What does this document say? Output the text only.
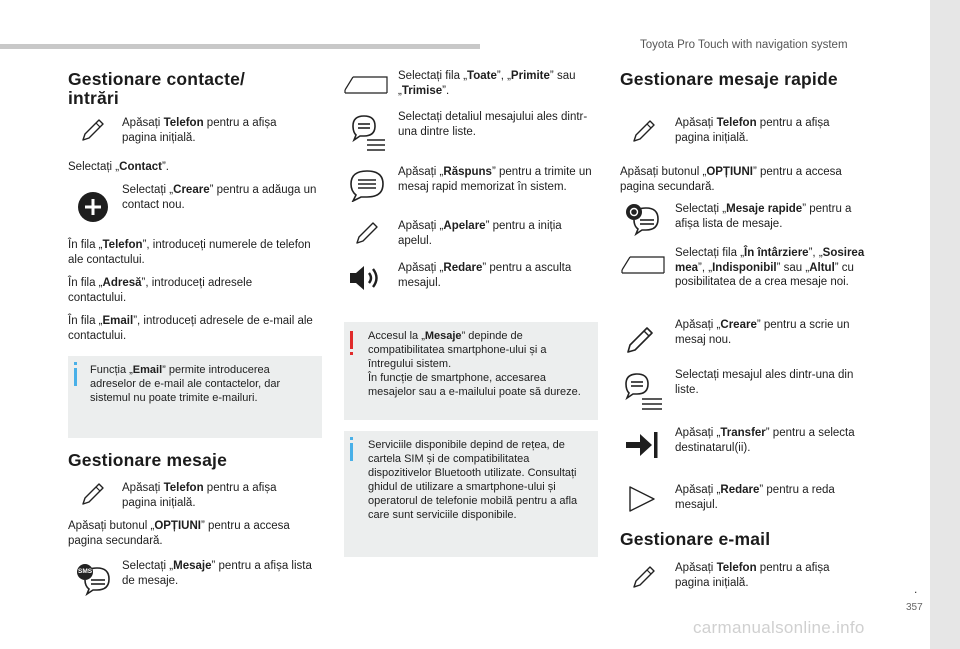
Toyota Pro Touch with navigation system
.
357
carmanualsonline.info
Gestionare contacte/ intrări
Apăsați Telefon pentru a afișa pagina inițială.
Selectați „Contact”.
Selectați „Creare” pentru a adăuga un contact nou.
În fila „Telefon”, introduceți numerele de telefon ale contactului.
În fila „Adresă”, introduceți adresele contactului.
În fila „Email”, introduceți adresele de e-mail ale contactului.
Funcția „Email” permite introducerea adreselor de e-mail ale contactelor, dar sistemul nu poate trimite e-mailuri.
Gestionare mesaje
Apăsați Telefon pentru a afișa pagina inițială.
Apăsați butonul „OPȚIUNI” pentru a accesa pagina secundară.
SMS	Selectați „Mesaje” pentru a afișa lista de mesaje.
Selectați fila „Toate”, „Primite” sau „Trimise”.
Selectați detaliul mesajului ales dintr-una dintre liste.
Apăsați „Răspuns” pentru a trimite un mesaj rapid memorizat în sistem.
Apăsați „Apelare” pentru a iniția apelul.
Apăsați „Redare” pentru a asculta mesajul.
Accesul la „Mesaje” depinde de compatibilitatea smartphone-ului și a întregului sistem.
În funcție de smartphone, accesarea mesajelor sau a e-mailului poate să dureze.
Serviciile disponibile depind de rețea, de cartela SIM și de compatibilitatea dispozitivelor Bluetooth utilizate. Consultați ghidul de utilizare a smartphone-ului și operatorul de telefonie mobilă pentru a afla care sunt serviciile disponibile.
Gestionare mesaje rapide
Apăsați Telefon pentru a afișa pagina inițială.
Apăsați butonul „OPȚIUNI” pentru a accesa pagina secundară.
Selectați „Mesaje rapide” pentru a afișa lista de mesaje.
Selectați fila „În întârziere”, „Sosirea mea”, „Indisponibil” sau „Altul” cu posibilitatea de a crea mesaje noi.
Apăsați „Creare” pentru a scrie un mesaj nou.
Selectați mesajul ales dintr-una din liste.
Apăsați „Transfer” pentru a selecta destinatarul(ii).
Apăsați „Redare” pentru a reda mesajul.
Gestionare e-mail
Apăsați Telefon pentru a afișa pagina inițială.
